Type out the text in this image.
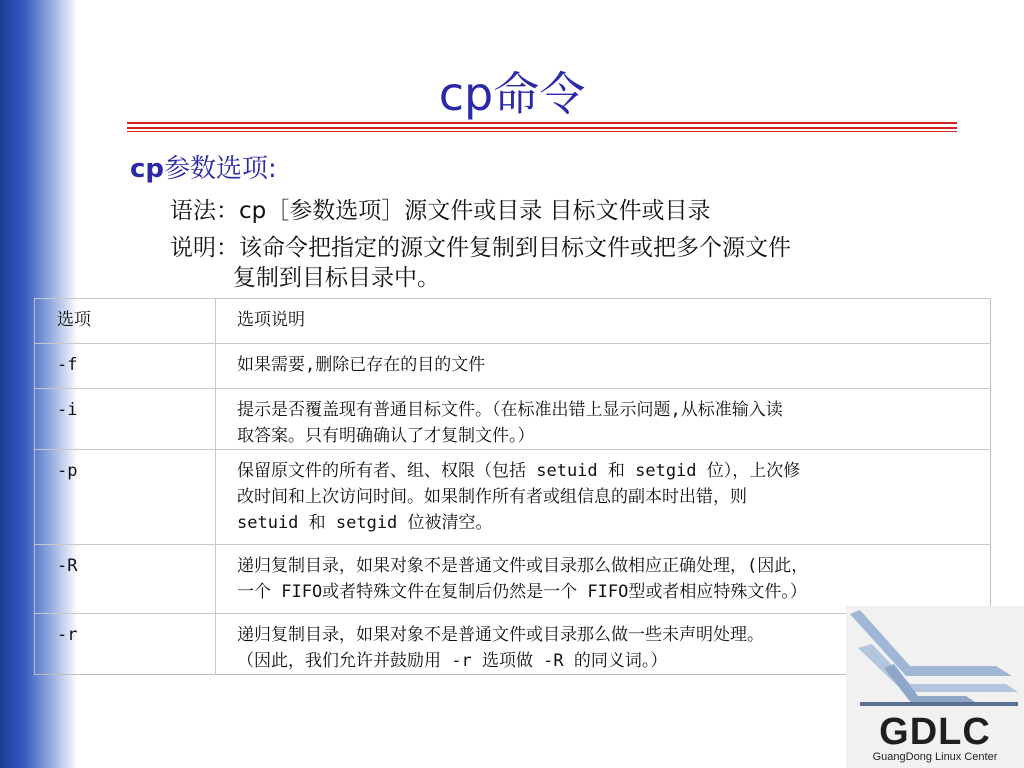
cp命令
cp参数选项:
语法：cp［参数选项］源文件或目录 目标文件或目录
说明：该命令把指定的源文件复制到目标文件或把多个源文件
复制到目标目录中。
选项	选项说明
-f	如果需要,删除已存在的目的文件

-i	提示是否覆盖现有普通目标文件。（在标准出错上显示问题,从标准输入读
取答案。只有明确确认了才复制文件。）

-p	保留原文件的所有者、组、权限（包括 setuid 和 setgid 位），上次修
改时间和上次访问时间。如果制作所有者或组信息的副本时出错，则
setuid 和 setgid 位被清空。

-R	递归复制目录，如果对象不是普通文件或目录那么做相应正确处理，(因此，
一个 FIFO或者特殊文件在复制后仍然是一个 FIFO型或者相应特殊文件。）

-r	递归复制目录，如果对象不是普通文件或目录那么做一些未声明处理。
（因此，我们允许并鼓励用 -r 选项做 -R 的同义词。）
GDLC
GuangDong Linux Center
